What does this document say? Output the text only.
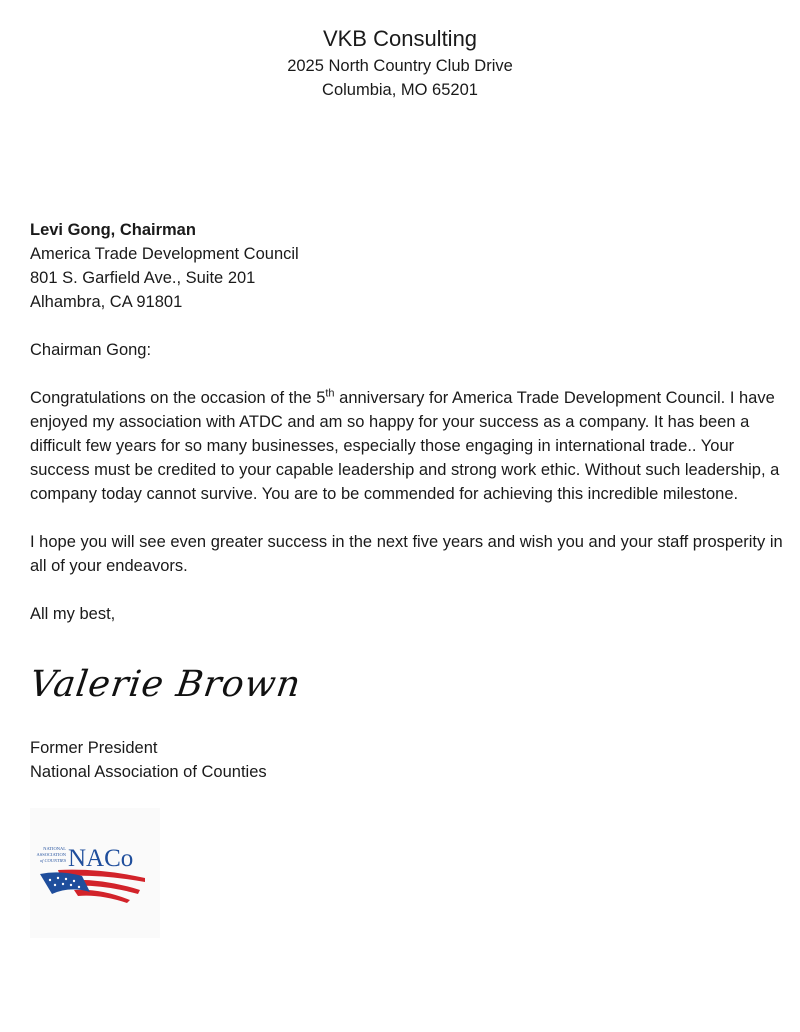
VKB Consulting
2025 North Country Club Drive
Columbia, MO 65201
Levi Gong, Chairman
America Trade Development Council
801 S. Garfield Ave., Suite 201
Alhambra, CA 91801
Chairman Gong:

Congratulations on the occasion of the 5th anniversary for America Trade Development Council. I have enjoyed my association with ATDC and am so happy for your success as a company. It has been a difficult few years for so many businesses, especially those engaging in international trade.. Your success must be credited to your capable leadership and strong work ethic. Without such leadership, a company today cannot survive. You are to be commended for achieving this incredible milestone.

I hope you will see even greater success in the next five years and wish you and your staff prosperity in all of your endeavors.

All my best,
Valerie Brown
Former President
National Association of Counties
NATIONAL
ASSOCIATION
of COUNTIES NACo
